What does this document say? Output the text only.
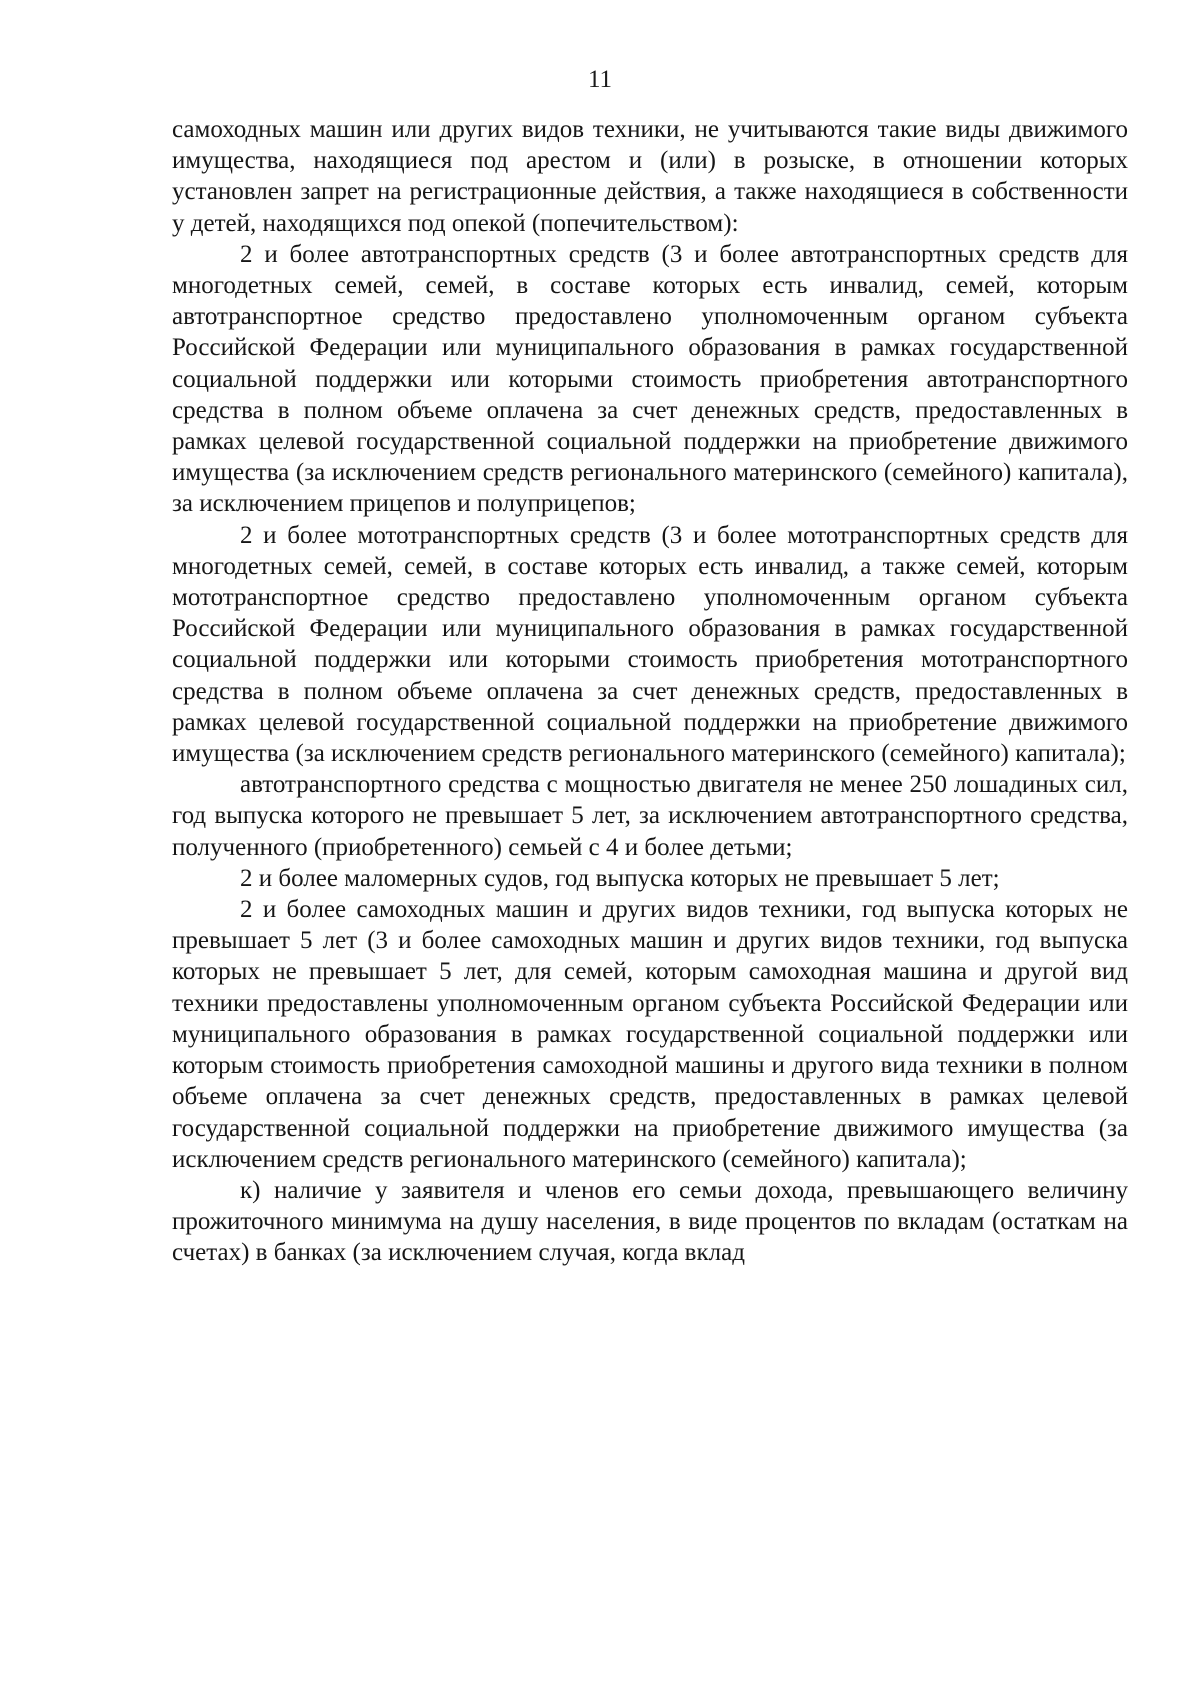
11

самоходных машин или других видов техники, не учитываются такие виды движимого имущества, находящиеся под арестом и (или) в розыске, в отношении которых установлен запрет на регистрационные действия, а также находящиеся в собственности у детей, находящихся под опекой (попечительством):

2 и более автотранспортных средств (3 и более автотранспортных средств для многодетных семей, семей, в составе которых есть инвалид, семей, которым автотранспортное средство предоставлено уполномоченным органом субъекта Российской Федерации или муниципального образования в рамках государственной социальной поддержки или которыми стоимость приобретения автотранспортного средства в полном объеме оплачена за счет денежных средств, предоставленных в рамках целевой государственной социальной поддержки на приобретение движимого имущества (за исключением средств регионального материнского (семейного) капитала), за исключением прицепов и полуприцепов;

2 и более мототранспортных средств (3 и более мототранспортных средств для многодетных семей, семей, в составе которых есть инвалид, а также семей, которым мототранспортное средство предоставлено уполномоченным органом субъекта Российской Федерации или муниципального образования в рамках государственной социальной поддержки или которыми стоимость приобретения мототранспортного средства в полном объеме оплачена за счет денежных средств, предоставленных в рамках целевой государственной социальной поддержки на приобретение движимого имущества (за исключением средств регионального материнского (семейного) капитала);

автотранспортного средства с мощностью двигателя не менее 250 лошадиных сил, год выпуска которого не превышает 5 лет, за исключением автотранспортного средства, полученного (приобретенного) семьей с 4 и более детьми;

2 и более маломерных судов, год выпуска которых не превышает 5 лет;

2 и более самоходных машин и других видов техники, год выпуска которых не превышает 5 лет (3 и более самоходных машин и других видов техники, год выпуска которых не превышает 5 лет, для семей, которым самоходная машина и другой вид техники предоставлены уполномоченным органом субъекта Российской Федерации или муниципального образования в рамках государственной социальной поддержки или которым стоимость приобретения самоходной машины и другого вида техники в полном объеме оплачена за счет денежных средств, предоставленных в рамках целевой государственной социальной поддержки на приобретение движимого имущества (за исключением средств регионального материнского (семейного) капитала);

к) наличие у заявителя и членов его семьи дохода, превышающего величину прожиточного минимума на душу населения, в виде процентов по вкладам (остаткам на счетах) в банках (за исключением случая, когда вклад
